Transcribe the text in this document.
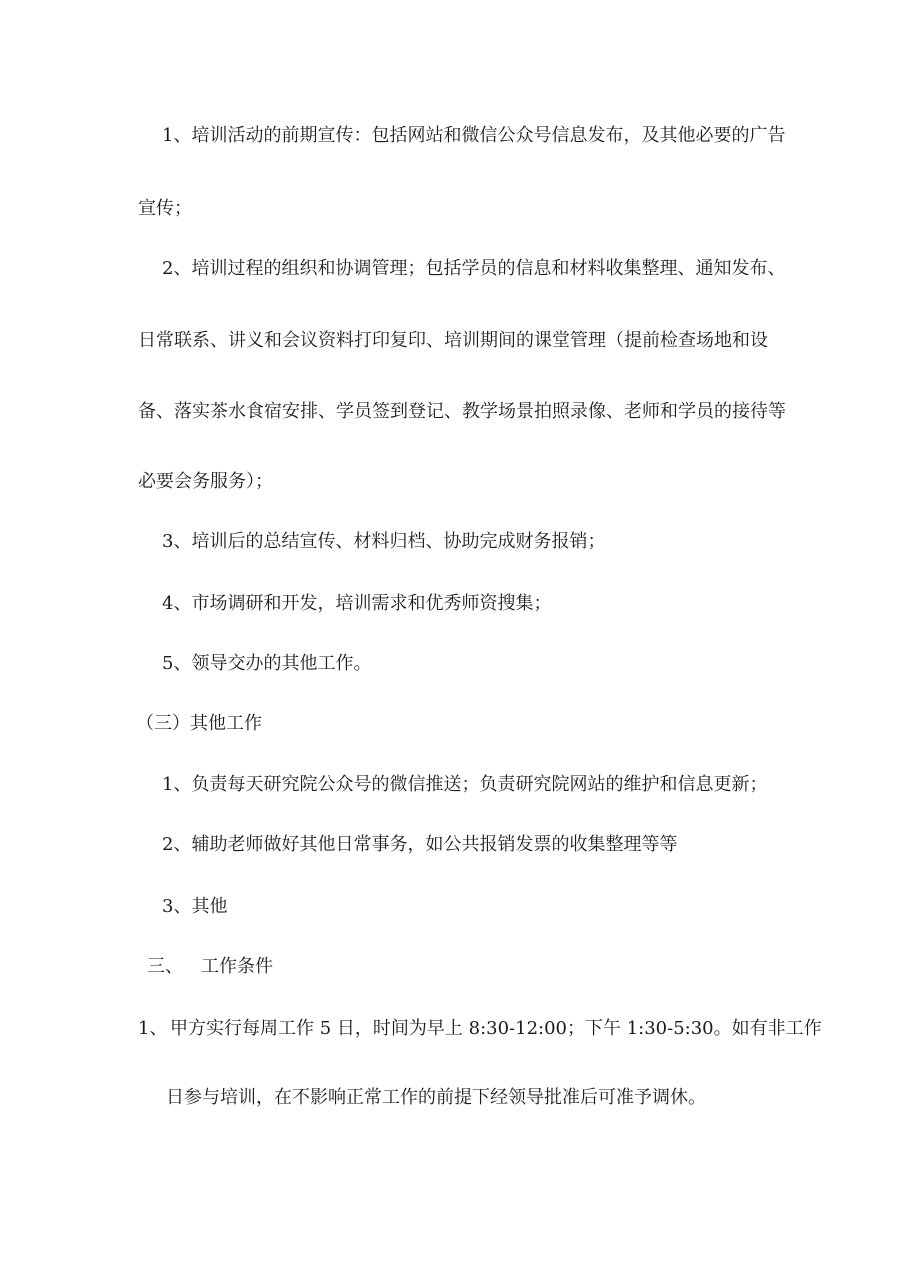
1、培训活动的前期宣传：包括网站和微信公众号信息发布，及其他必要的广告

宣传；

2、培训过程的组织和协调管理；包括学员的信息和材料收集整理、通知发布、

日常联系、讲义和会议资料打印复印、培训期间的课堂管理（提前检查场地和设

备、落实茶水食宿安排、学员签到登记、教学场景拍照录像、老师和学员的接待等

必要会务服务）；

3、培训后的总结宣传、材料归档、协助完成财务报销；

4、市场调研和开发，培训需求和优秀师资搜集；

5、领导交办的其他工作。

（三）其他工作

1、负责每天研究院公众号的微信推送；负责研究院网站的维护和信息更新；

2、辅助老师做好其他日常事务，如公共报销发票的收集整理等等

3、其他

三、 工作条件

1、 甲方实行每周工作 5 日，时间为早上 8:30-12:00；下午 1:30-5:30。如有非工作

日参与培训，在不影响正常工作的前提下经领导批准后可准予调休。
